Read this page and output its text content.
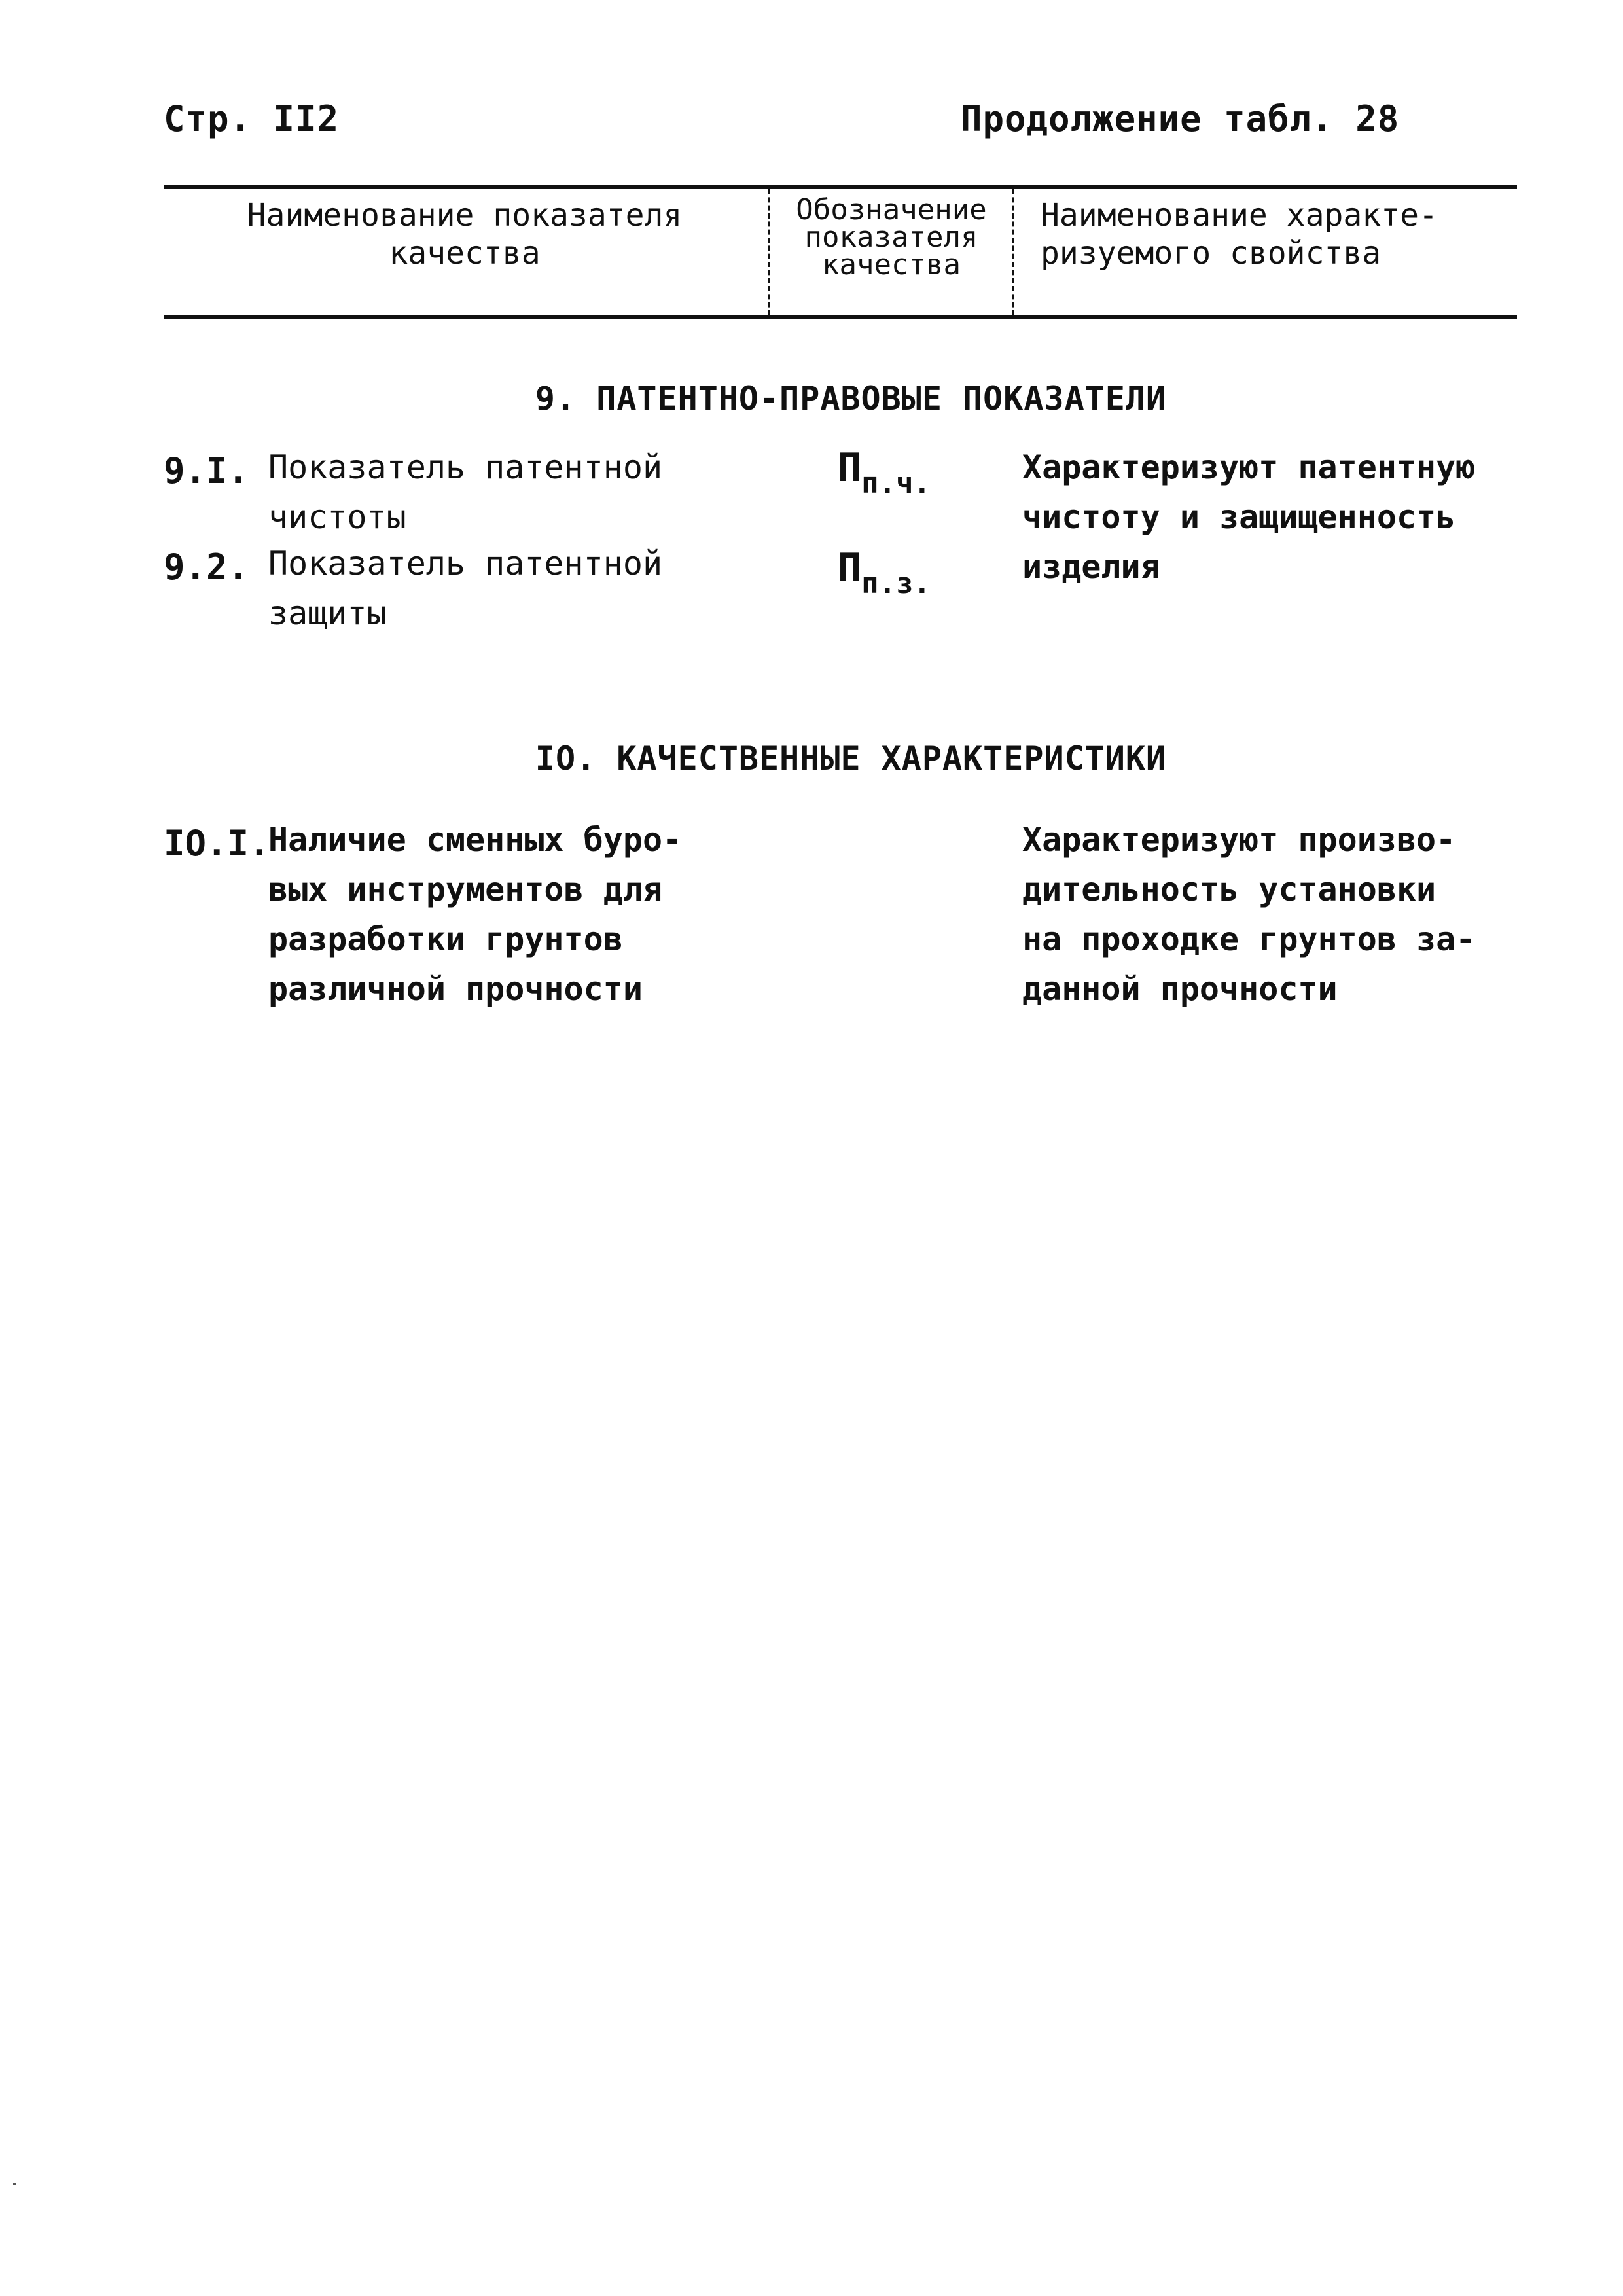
Стр. II2	Продолжение табл. 28
Наименование показателя
качества
Обозначение
показателя
качества
Наименование характе-
ризуемого свойства
9. ПАТЕНТНО-ПРАВОВЫЕ ПОКАЗАТЕЛИ
9.I. Показатель патентной
чистоты
$П_{п.ч.}$
9.2. Показатель патентной
защиты
$П_{п.з.}$
Характеризуют патентную
чистоту и защищенность
изделия
IO. КАЧЕСТВЕННЫЕ ХАРАКТЕРИСТИКИ
IO.I.
Наличие сменных буро-
вых инструментов для
разработки грунтов
различной прочности
Характеризуют произво-
дительность установки
на проходке грунтов за-
данной прочности
